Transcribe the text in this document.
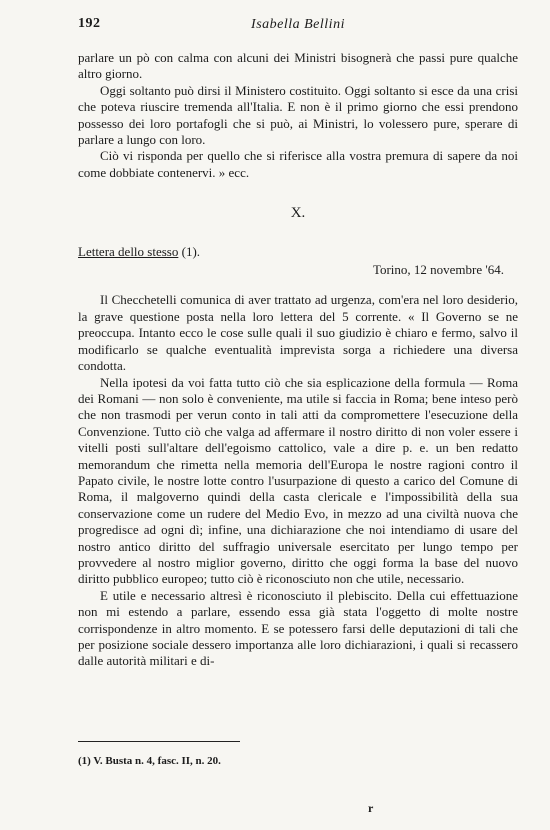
192	Isabella Bellini

parlare un pò con calma con alcuni dei Ministri bisognerà che passi pure qualche altro giorno.

Oggi soltanto può dirsi il Ministero costituito. Oggi soltanto si esce da una crisi che poteva riuscire tremenda all'Italia. E non è il primo giorno che essi prendono possesso dei loro portafogli che si può, ai Ministri, lo volessero pure, sperare di parlare a lungo con loro.

Ciò vi risponda per quello che si riferisce alla vostra premura di sapere da noi come dobbiate contenervi. » ecc.

X.

Lettera dello stesso (1).

Torino, 12 novembre '64.

Il Checchetelli comunica di aver trattato ad urgenza, com'era nel loro desiderio, la grave questione posta nella loro lettera del 5 corrente. « Il Governo se ne preoccupa. Intanto ecco le cose sulle quali il suo giudizio è chiaro e fermo, salvo il modificarlo se qualche eventualità imprevista sorga a richiedere una diversa condotta.

Nella ipotesi da voi fatta tutto ciò che sia esplicazione della formula — Roma dei Romani — non solo è conveniente, ma utile si faccia in Roma; bene inteso però che non trasmodi per verun conto in tali atti da compromettere l'esecuzione della Convenzione. Tutto ciò che valga ad affermare il nostro diritto di non voler essere i vitelli posti sull'altare dell'egoismo cattolico, vale a dire p. e. un ben redatto memorandum che rimetta nella memoria dell'Europa le nostre ragioni contro il Papato civile, le nostre lotte contro l'usurpazione di questo a carico del Comune di Roma, il malgoverno quindi della casta clericale e l'impossibilità della sua conservazione come un rudere del Medio Evo, in mezzo ad una civiltà nuova che progredisce ad ogni dì; infine, una dichiarazione che noi intendiamo di usare del nostro antico diritto del suffragio universale esercitato per lungo tempo per provvedere al nostro miglior governo, diritto che oggi forma la base del nuovo diritto pubblico europeo; tutto ciò è riconosciuto non che utile, necessario.

E utile e necessario altresì è riconosciuto il plebiscito. Della cui effettuazione non mi estendo a parlare, essendo essa già stata l'oggetto di molte nostre corrispondenze in altro momento. E se potessero farsi delle deputazioni di tali che per posizione sociale dessero importanza alle loro dichiarazioni, i quali si recassero dalle autorità militari e di-

(1) V. Busta n. 4, fasc. II, n. 20.
r
